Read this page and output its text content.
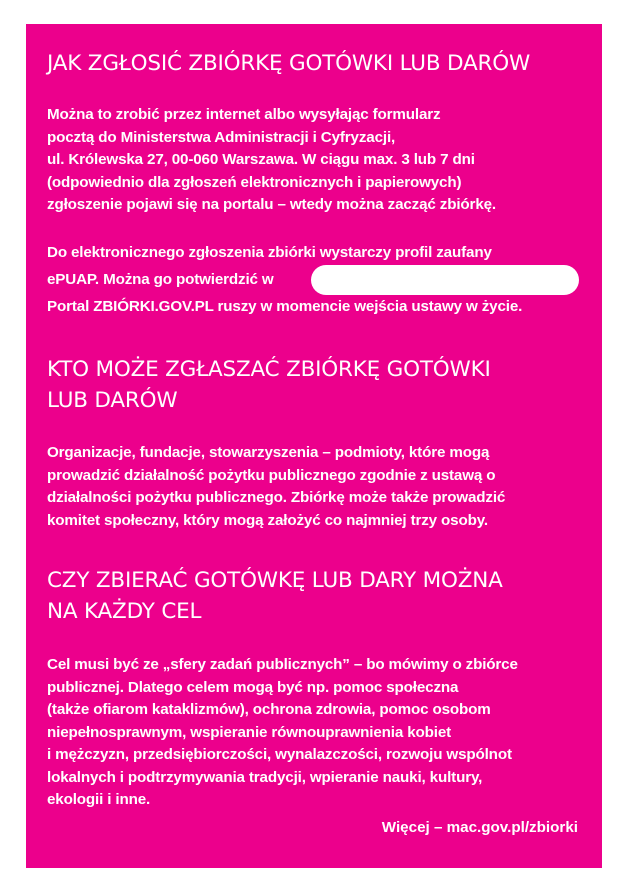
JAK ZGŁOSIĆ ZBIÓRKĘ GOTÓWKI LUB DARÓW
Można to zrobić przez internet albo wysyłając formularz
pocztą do Ministerstwa Administracji i Cyfryzacji,
ul. Królewska 27, 00-060 Warszawa. W ciągu max. 3 lub 7 dni
(odpowiednio dla zgłoszeń elektronicznych i papierowych)
zgłoszenie pojawi się na portalu – wtedy można zacząć zbiórkę.
Do elektronicznego zgłoszenia zbiórki wystarczy profil zaufany
ePUAP. Można go potwierdzić w
Portal ZBIÓRKI.GOV.PL ruszy w momencie wejścia ustawy w życie.
KTO MOŻE ZGŁASZAĆ ZBIÓRKĘ GOTÓWKI
LUB DARÓW
Organizacje, fundacje, stowarzyszenia – podmioty, które mogą
prowadzić działalność pożytku publicznego zgodnie z ustawą o
działalności pożytku publicznego. Zbiórkę może także prowadzić
komitet społeczny, który mogą założyć co najmniej trzy osoby.
CZY ZBIERAĆ GOTÓWKĘ LUB DARY MOŻNA
NA KAŻDY CEL
Cel musi być ze „sfery zadań publicznych” – bo mówimy o zbiórce
publicznej. Dlatego celem mogą być np. pomoc społeczna
(także ofiarom kataklizmów), ochrona zdrowia, pomoc osobom
niepełnosprawnym, wspieranie równouprawnienia kobiet
i mężczyzn, przedsiębiorczości, wynalazczości, rozwoju wspólnot
lokalnych i podtrzymywania tradycji, wpieranie nauki, kultury,
ekologii i inne.

Więcej – mac.gov.pl/zbiorki
